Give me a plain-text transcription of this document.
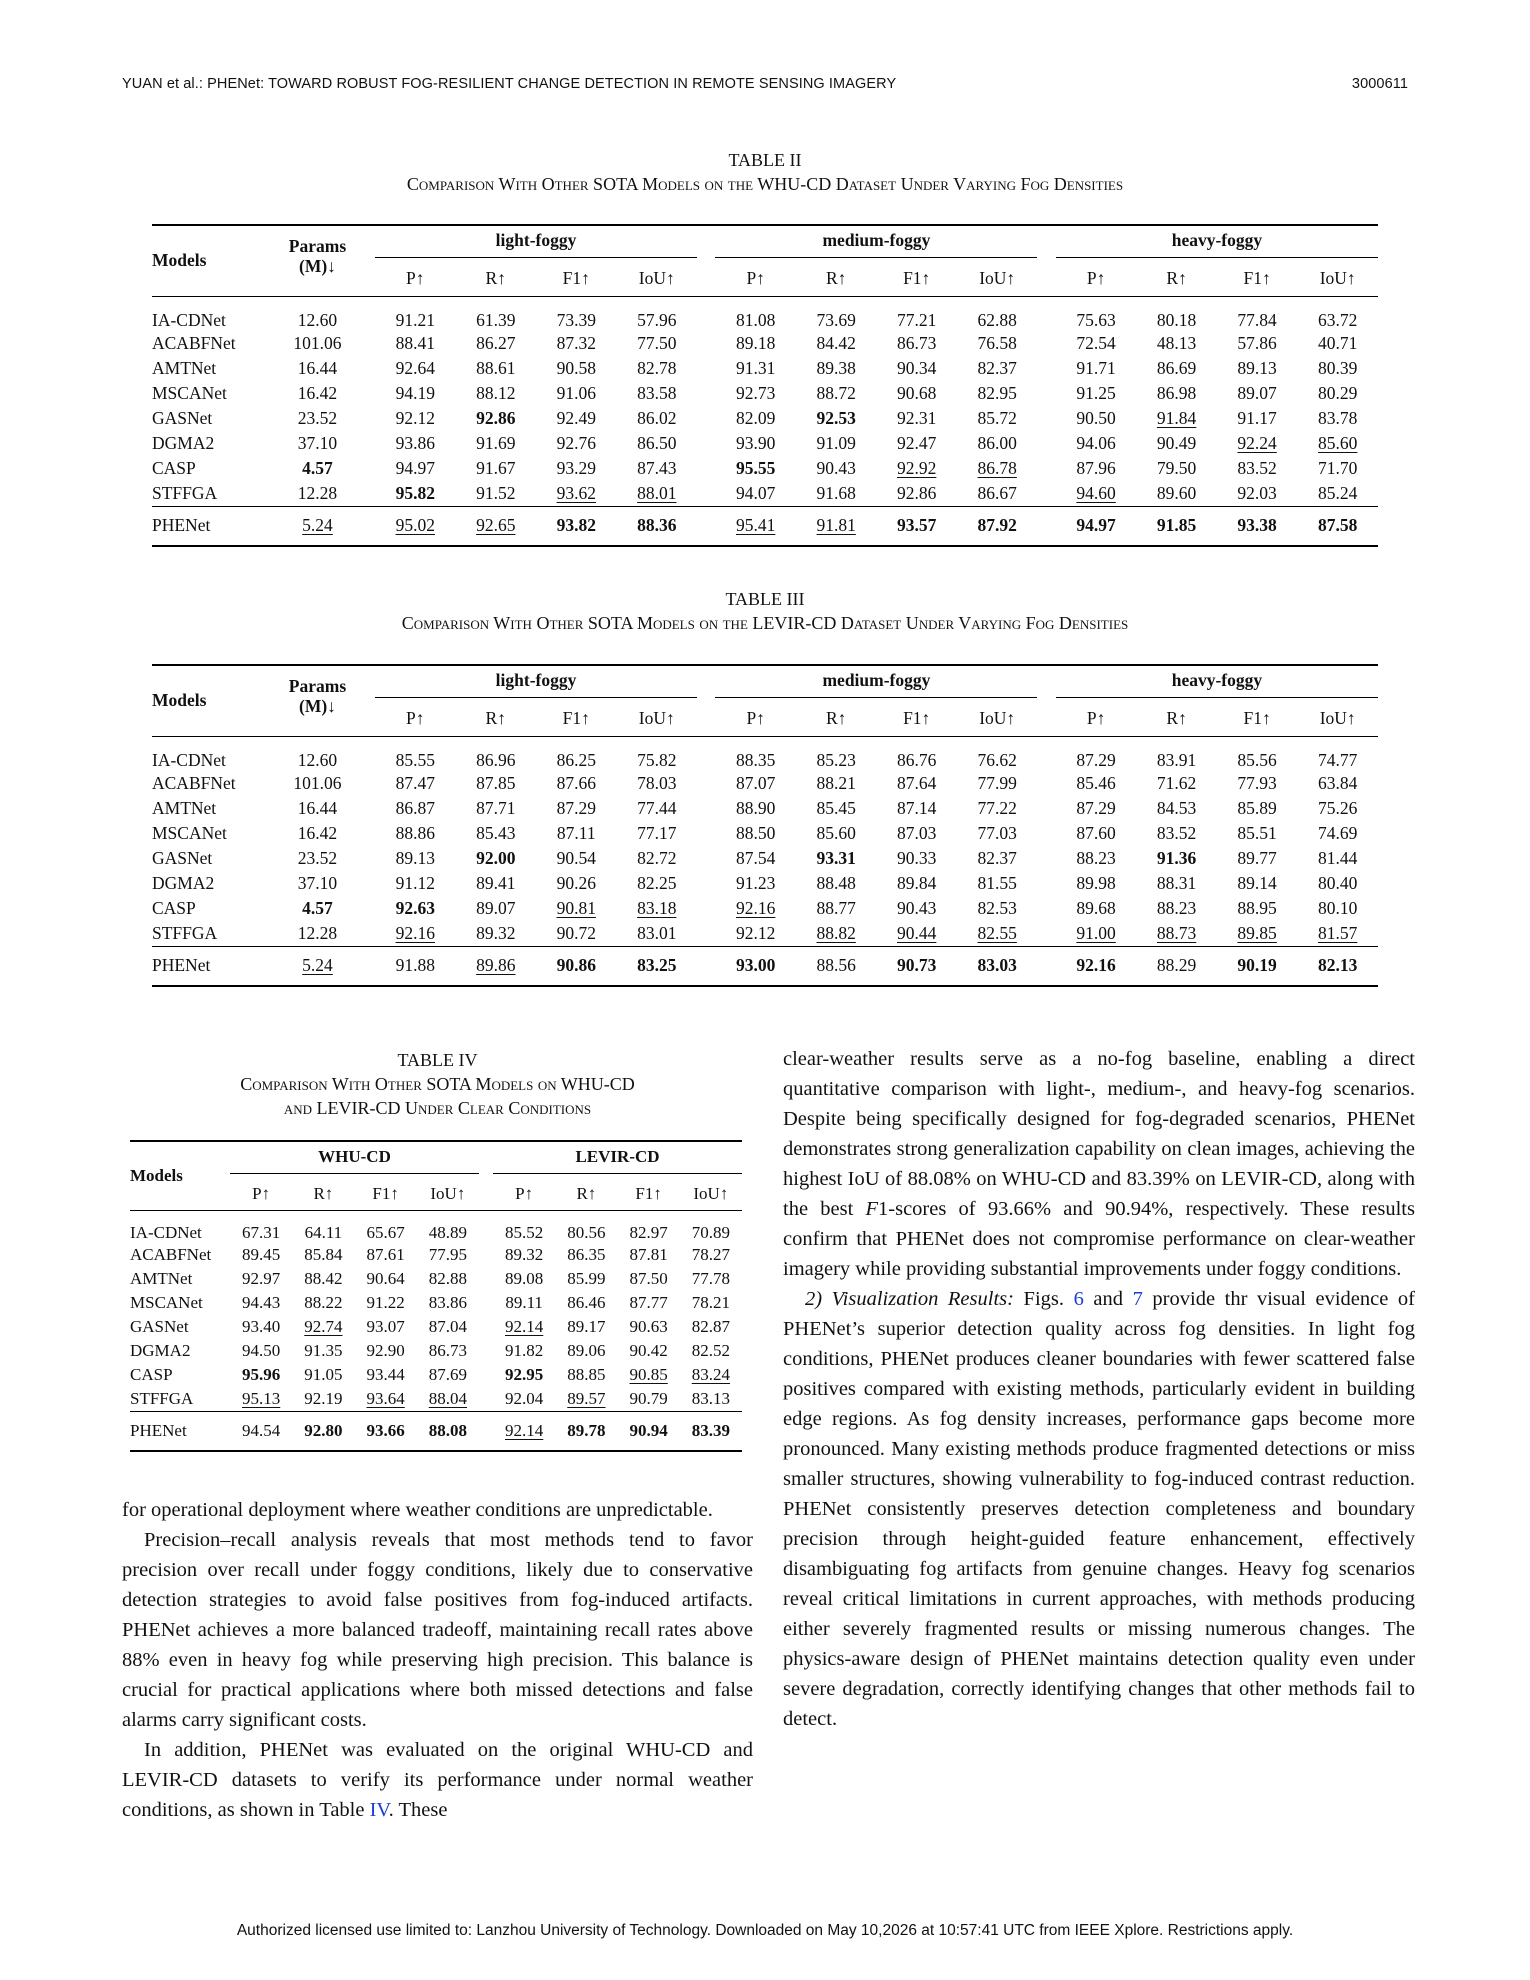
YUAN et al.: PHENet: TOWARD ROBUST FOG-RESILIENT CHANGE DETECTION IN REMOTE SENSING IMAGERY	3000611
TABLE II
Comparison With Other SOTA Models on the WHU-CD Dataset Under Varying Fog Densities
Models	Params
(M)↓	light-foggy					medium-foggy					heavy-foggy			

		P↑	R↑	F1↑	IoU↑		P↑	R↑	F1↑	IoU↑		P↑	R↑	F1↑	IoU↑
IA-CDNet	12.60	91.21	61.39	73.39	57.96		81.08	73.69	77.21	62.88		75.63	80.18	77.84	63.72
ACABFNet	101.06	88.41	86.27	87.32	77.50		89.18	84.42	86.73	76.58		72.54	48.13	57.86	40.71
AMTNet	16.44	92.64	88.61	90.58	82.78		91.31	89.38	90.34	82.37		91.71	86.69	89.13	80.39
MSCANet	16.42	94.19	88.12	91.06	83.58		92.73	88.72	90.68	82.95		91.25	86.98	89.07	80.29
GASNet	23.52	92.12	92.86	92.49	86.02		82.09	92.53	92.31	85.72		90.50	91.84	91.17	83.78
DGMA2	37.10	93.86	91.69	92.76	86.50		93.90	91.09	92.47	86.00		94.06	90.49	92.24	85.60
CASP	4.57	94.97	91.67	93.29	87.43		95.55	90.43	92.92	86.78		87.96	79.50	83.52	71.70
STFFGA	12.28	95.82	91.52	93.62	88.01		94.07	91.68	92.86	86.67		94.60	89.60	92.03	85.24
PHENet	5.24	95.02	92.65	93.82	88.36		95.41	91.81	93.57	87.92		94.97	91.85	93.38	87.58
TABLE III
Comparison With Other SOTA Models on the LEVIR-CD Dataset Under Varying Fog Densities
Models	Params
(M)↓	light-foggy					medium-foggy					heavy-foggy			

		P↑	R↑	F1↑	IoU↑		P↑	R↑	F1↑	IoU↑		P↑	R↑	F1↑	IoU↑
IA-CDNet	12.60	85.55	86.96	86.25	75.82		88.35	85.23	86.76	76.62		87.29	83.91	85.56	74.77
ACABFNet	101.06	87.47	87.85	87.66	78.03		87.07	88.21	87.64	77.99		85.46	71.62	77.93	63.84
AMTNet	16.44	86.87	87.71	87.29	77.44		88.90	85.45	87.14	77.22		87.29	84.53	85.89	75.26
MSCANet	16.42	88.86	85.43	87.11	77.17		88.50	85.60	87.03	77.03		87.60	83.52	85.51	74.69
GASNet	23.52	89.13	92.00	90.54	82.72		87.54	93.31	90.33	82.37		88.23	91.36	89.77	81.44
DGMA2	37.10	91.12	89.41	90.26	82.25		91.23	88.48	89.84	81.55		89.98	88.31	89.14	80.40
CASP	4.57	92.63	89.07	90.81	83.18		92.16	88.77	90.43	82.53		89.68	88.23	88.95	80.10
STFFGA	12.28	92.16	89.32	90.72	83.01		92.12	88.82	90.44	82.55		91.00	88.73	89.85	81.57
PHENet	5.24	91.88	89.86	90.86	83.25		93.00	88.56	90.73	83.03		92.16	88.29	90.19	82.13
TABLE IV
Comparison With Other SOTA Models on WHU-CD
and LEVIR-CD Under Clear Conditions
Models	WHU-CD					LEVIR-CD			

	P↑	R↑	F1↑	IoU↑		P↑	R↑	F1↑	IoU↑
IA-CDNet	67.31	64.11	65.67	48.89		85.52	80.56	82.97	70.89
ACABFNet	89.45	85.84	87.61	77.95		89.32	86.35	87.81	78.27
AMTNet	92.97	88.42	90.64	82.88		89.08	85.99	87.50	77.78
MSCANet	94.43	88.22	91.22	83.86		89.11	86.46	87.77	78.21
GASNet	93.40	92.74	93.07	87.04		92.14	89.17	90.63	82.87
DGMA2	94.50	91.35	92.90	86.73		91.82	89.06	90.42	82.52
CASP	95.96	91.05	93.44	87.69		92.95	88.85	90.85	83.24
STFFGA	95.13	92.19	93.64	88.04		92.04	89.57	90.79	83.13
PHENet	94.54	92.80	93.66	88.08		92.14	89.78	90.94	83.39

for operational deployment where weather conditions are unpredictable.

Precision–recall analysis reveals that most methods tend to favor precision over recall under foggy conditions, likely due to conservative detection strategies to avoid false positives from fog-induced artifacts. PHENet achieves a more balanced tradeoff, maintaining recall rates above 88% even in heavy fog while preserving high precision. This balance is crucial for practical applications where both missed detections and false alarms carry significant costs.

In addition, PHENet was evaluated on the original WHU-CD and LEVIR-CD datasets to verify its performance under normal weather conditions, as shown in Table IV. These

clear-weather results serve as a no-fog baseline, enabling a direct quantitative comparison with light-, medium-, and heavy-fog scenarios. Despite being specifically designed for fog-degraded scenarios, PHENet demonstrates strong generalization capability on clean images, achieving the highest IoU of 88.08% on WHU-CD and 83.39% on LEVIR-CD, along with the best F1-scores of 93.66% and 90.94%, respectively. These results confirm that PHENet does not compromise performance on clear-weather imagery while providing substantial improvements under foggy conditions.

2) Visualization Results: Figs. 6 and 7 provide thr visual evidence of PHENet’s superior detection quality across fog densities. In light fog conditions, PHENet produces cleaner boundaries with fewer scattered false positives compared with existing methods, particularly evident in building edge regions. As fog density increases, performance gaps become more pronounced. Many existing methods produce fragmented detections or miss smaller structures, showing vulnerability to fog-induced contrast reduction. PHENet consistently preserves detection completeness and boundary precision through height-guided feature enhancement, effectively disambiguating fog artifacts from genuine changes. Heavy fog scenarios reveal critical limitations in current approaches, with methods producing either severely fragmented results or missing numerous changes. The physics-aware design of PHENet maintains detection quality even under severe degradation, correctly identifying changes that other methods fail to detect.

Authorized licensed use limited to: Lanzhou University of Technology. Downloaded on May 10,2026 at 10:57:41 UTC from IEEE Xplore. Restrictions apply.
